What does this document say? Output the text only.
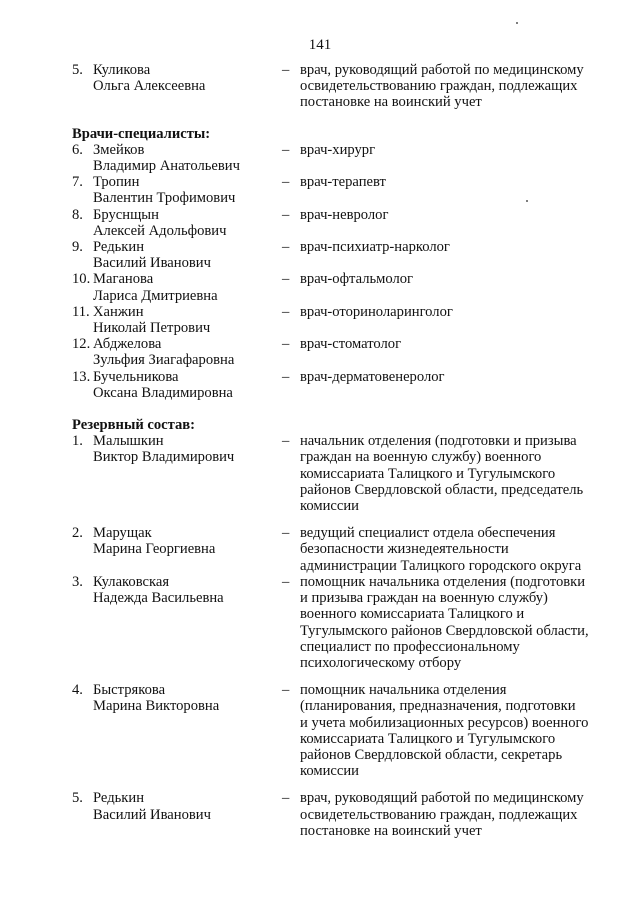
141
5. Куликова
Ольга Алексеевна
– врач, руководящий работой по медицинскому
освидетельствованию граждан, подлежащих
постановке на воинский учет
Врачи-специалисты:
6. Змейков
Владимир Анатольевич
– врач-хирург
7. Тропин
Валентин Трофимович
– врач-терапевт
8. Бруснщын
Алексей Адольфович
– врач-невролог
9. Редькин
Василий Иванович
– врач-психиатр-нарколог
10. Маганова
Лариса Дмитриевна
– врач-офтальмолог
11. Ханжин
Николай Петрович
– врач-оториноларинголог
12. Абджелова
Зульфия Зиагафаровна
– врач-стоматолог
13. Бучельникова
Оксана Владимировна
– врач-дерматовенеролог
Резервный состав:
1. Малышкин
Виктор Владимирович
– начальник отделения (подготовки и призыва
граждан на военную службу) военного
комиссариата Талицкого и Тугулымского
районов Свердловской области, председатель
комиссии
2. Марущак
Марина Георгиевна
– ведущий специалист отдела обеспечения
безопасности жизнедеятельности
администрации Талицкого городского округа
3. Кулаковская
Надежда Васильевна
– помощник начальника отделения (подготовки
и призыва граждан на военную службу)
военного комиссариата Талицкого и
Тугулымского районов Свердловской области,
специалист по профессиональному
психологическому отбору
4. Быстрякова
Марина Викторовна
– помощник начальника отделения
(планирования, предназначения, подготовки
и учета мобилизационных ресурсов) военного
комиссариата Талицкого и Тугулымского
районов Свердловской области, секретарь
комиссии
5. Редькин
Василий Иванович
– врач, руководящий работой по медицинскому
освидетельствованию граждан, подлежащих
постановке на воинский учет
